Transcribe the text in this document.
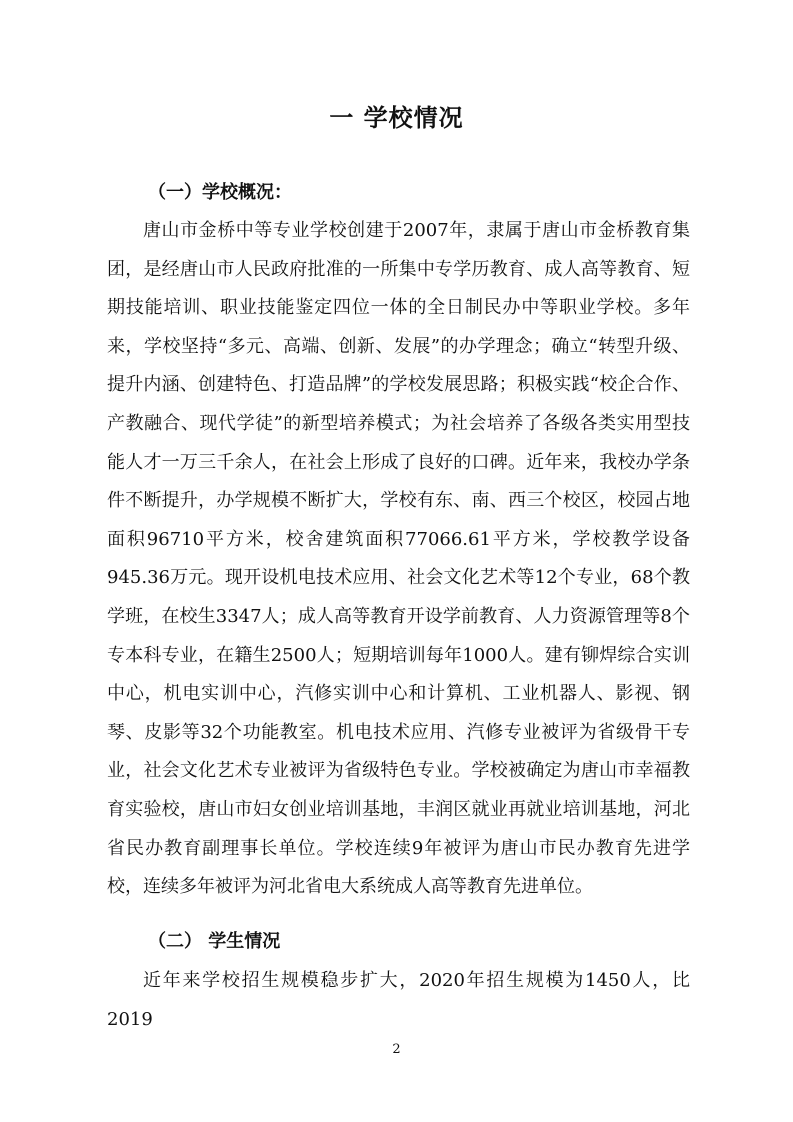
一 学校情况
（一）学校概况：
唐山市金桥中等专业学校创建于2007年，隶属于唐山市金桥教育集团，是经唐山市人民政府批准的一所集中专学历教育、成人高等教育、短期技能培训、职业技能鉴定四位一体的全日制民办中等职业学校。多年来，学校坚持“多元、高端、创新、发展”的办学理念；确立“转型升级、提升内涵、创建特色、打造品牌”的学校发展思路；积极实践“校企合作、产教融合、现代学徒”的新型培养模式；为社会培养了各级各类实用型技能人才一万三千余人，在社会上形成了良好的口碑。近年来，我校办学条件不断提升，办学规模不断扩大，学校有东、南、西三个校区，校园占地面积96710平方米，校舍建筑面积77066.61平方米，学校教学设备945.36万元。现开设机电技术应用、社会文化艺术等12个专业，68个教学班，在校生3347人；成人高等教育开设学前教育、人力资源管理等8个专本科专业，在籍生2500人；短期培训每年1000人。建有铆焊综合实训中心，机电实训中心，汽修实训中心和计算机、工业机器人、影视、钢琴、皮影等32个功能教室。机电技术应用、汽修专业被评为省级骨干专业，社会文化艺术专业被评为省级特色专业。学校被确定为唐山市幸福教育实验校，唐山市妇女创业培训基地，丰润区就业再就业培训基地，河北省民办教育副理事长单位。学校连续9年被评为唐山市民办教育先进学校，连续多年被评为河北省电大系统成人高等教育先进单位。
（二） 学生情况
近年来学校招生规模稳步扩大，2020年招生规模为1450人，比2019
2
